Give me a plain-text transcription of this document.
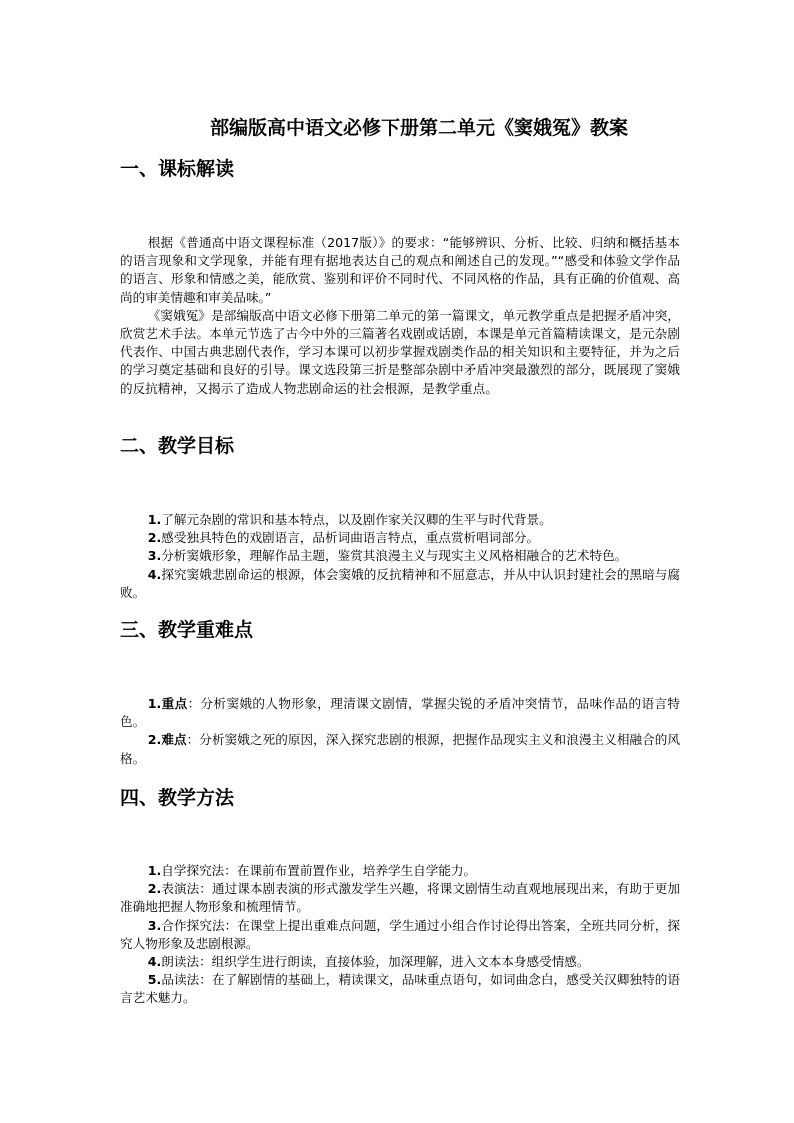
部编版高中语文必修下册第二单元《窦娥冤》教案
一、课标解读

根据《普通高中语文课程标准（2017版）》的要求：“能够辨识、分析、比较、归纳和概括基本的语言现象和文学现象，并能有理有据地表达自己的观点和阐述自己的发现。”“感受和体验文学作品的语言、形象和情感之美，能欣赏、鉴别和评价不同时代、不同风格的作品，具有正确的价值观、高尚的审美情趣和审美品味。”

《窦娥冤》是部编版高中语文必修下册第二单元的第一篇课文，单元教学重点是把握矛盾冲突，欣赏艺术手法。本单元节选了古今中外的三篇著名戏剧或话剧，本课是单元首篇精读课文，是元杂剧代表作、中国古典悲剧代表作，学习本课可以初步掌握戏剧类作品的相关知识和主要特征，并为之后的学习奠定基础和良好的引导。课文选段第三折是整部杂剧中矛盾冲突最激烈的部分，既展现了窦娥的反抗精神，又揭示了造成人物悲剧命运的社会根源，是教学重点。

二、教学目标

1.了解元杂剧的常识和基本特点，以及剧作家关汉卿的生平与时代背景。

2.感受独具特色的戏剧语言，品析词曲语言特点，重点赏析唱词部分。

3.分析窦娥形象，理解作品主题，鉴赏其浪漫主义与现实主义风格相融合的艺术特色。

4.探究窦娥悲剧命运的根源，体会窦娥的反抗精神和不屈意志，并从中认识封建社会的黑暗与腐败。

三、教学重难点

1.重点：分析窦娥的人物形象，理清课文剧情，掌握尖锐的矛盾冲突情节，品味作品的语言特色。

2.难点：分析窦娥之死的原因，深入探究悲剧的根源，把握作品现实主义和浪漫主义相融合的风格。

四、教学方法

1.自学探究法：在课前布置前置作业，培养学生自学能力。

2.表演法：通过课本剧表演的形式激发学生兴趣，将课文剧情生动直观地展现出来，有助于更加准确地把握人物形象和梳理情节。

3.合作探究法：在课堂上提出重难点问题，学生通过小组合作讨论得出答案，全班共同分析，探究人物形象及悲剧根源。

4.朗读法：组织学生进行朗读，直接体验，加深理解，进入文本本身感受情感。

5.品读法：在了解剧情的基础上，精读课文，品味重点语句，如词曲念白，感受关汉卿独特的语言艺术魅力。
